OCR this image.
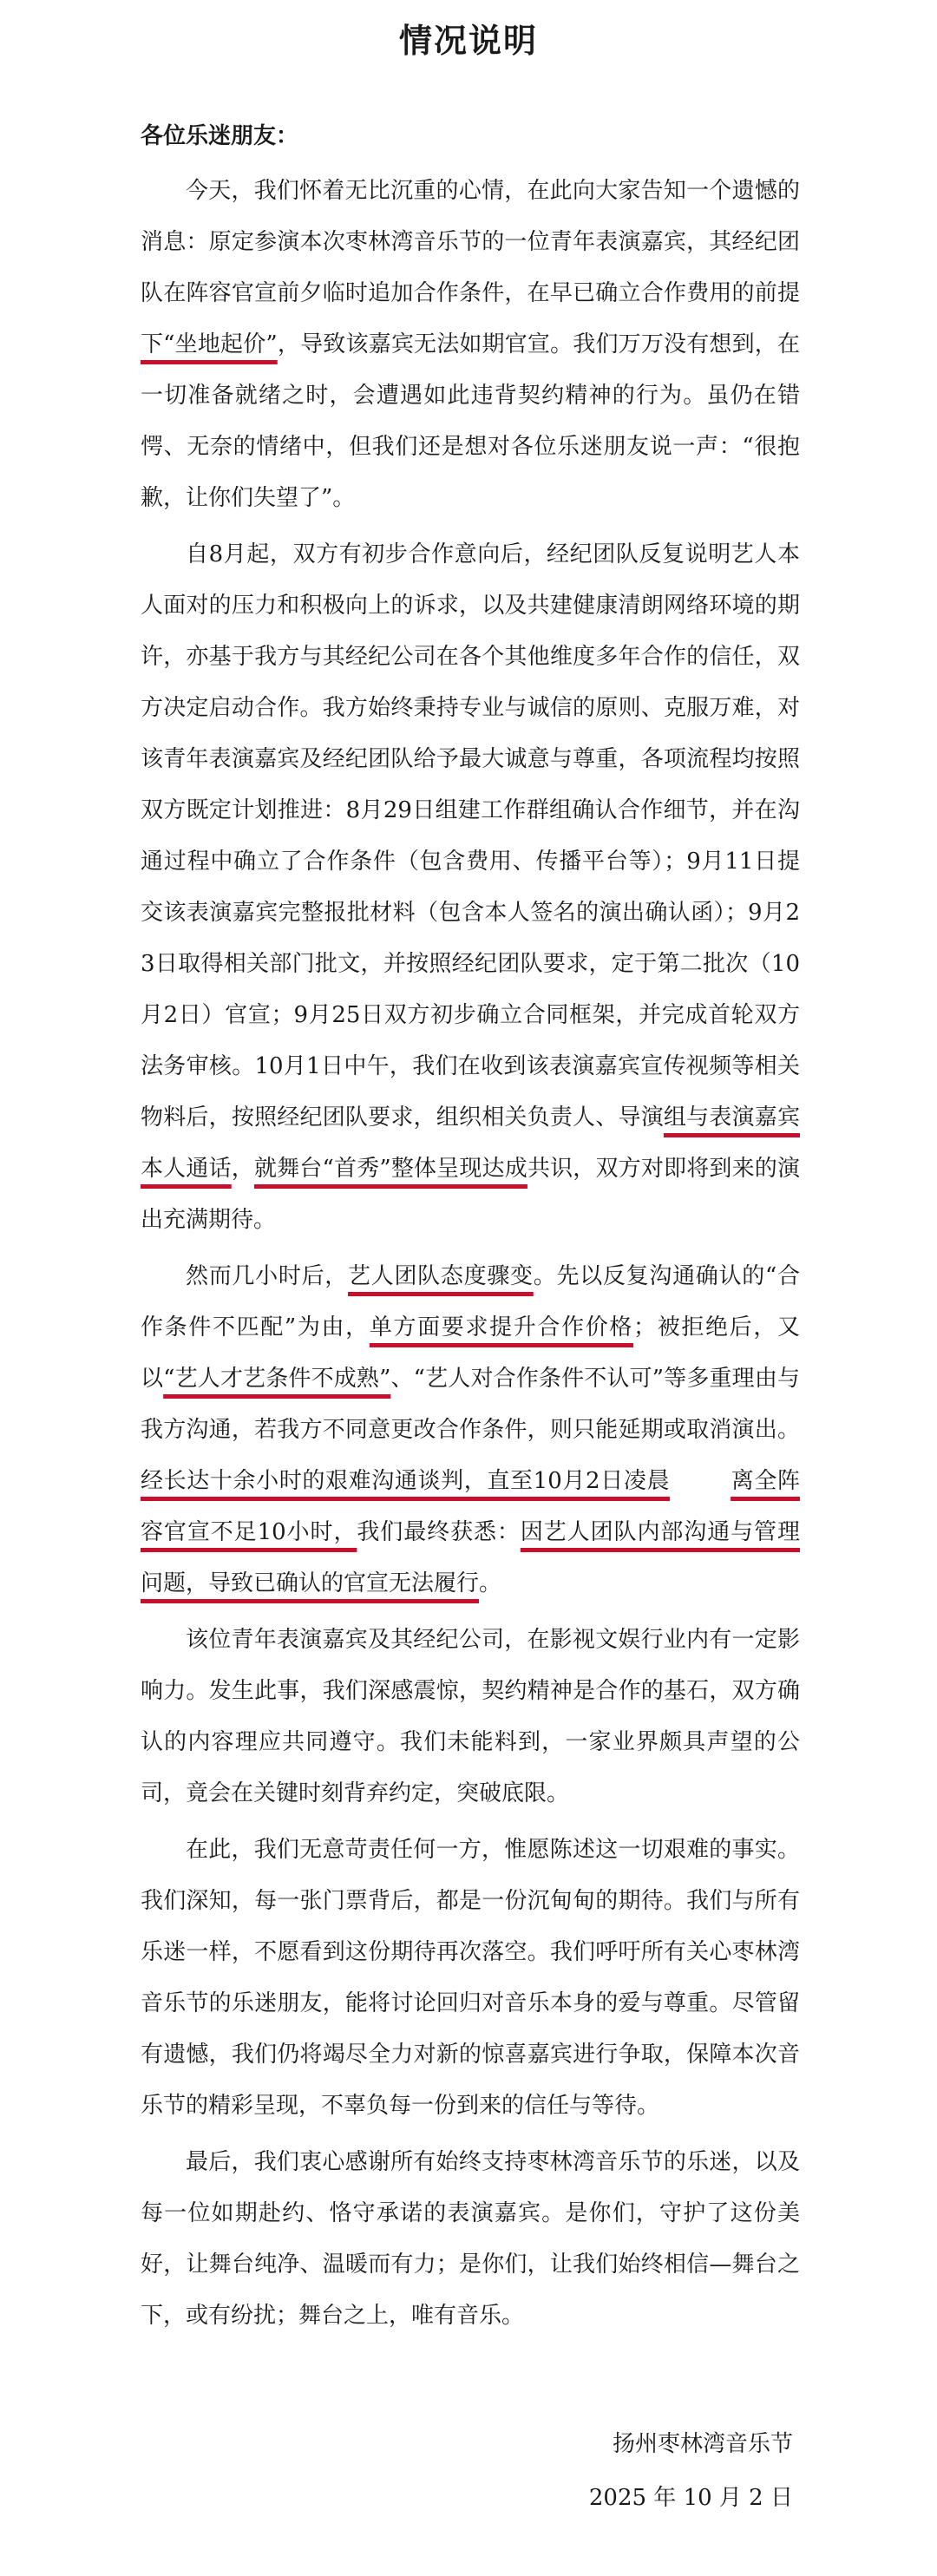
情况说明
各位乐迷朋友：

今天，我们怀着无比沉重的心情，在此向大家告知一个遗憾的消息：原定参演本次枣林湾音乐节的一位青年表演嘉宾，其经纪团队在阵容官宣前夕临时追加合作条件，在早已确立合作费用的前提下“坐地起价”，导致该嘉宾无法如期官宣。我们万万没有想到，在一切准备就绪之时，会遭遇如此违背契约精神的行为。虽仍在错愕、无奈的情绪中，但我们还是想对各位乐迷朋友说一声：“很抱歉，让你们失望了”。

自8月起，双方有初步合作意向后，经纪团队反复说明艺人本人面对的压力和积极向上的诉求，以及共建健康清朗网络环境的期许，亦基于我方与其经纪公司在各个其他维度多年合作的信任，双方决定启动合作。我方始终秉持专业与诚信的原则、克服万难，对该青年表演嘉宾及经纪团队给予最大诚意与尊重，各项流程均按照双方既定计划推进：8月29日组建工作群组确认合作细节，并在沟通过程中确立了合作条件（包含费用、传播平台等）；9月11日提交该表演嘉宾完整报批材料（包含本人签名的演出确认函）；9月23日取得相关部门批文，并按照经纪团队要求，定于第二批次（10月2日）官宣；9月25日双方初步确立合同框架，并完成首轮双方法务审核。10月1日中午，我们在收到该表演嘉宾宣传视频等相关物料后，按照经纪团队要求，组织相关负责人、导演组与表演嘉宾本人通话，就舞台“首秀”整体呈现达成共识，双方对即将到来的演出充满期待。

然而几小时后，艺人团队态度骤变。先以反复沟通确认的“合作条件不匹配”为由，单方面要求提升合作价格；被拒绝后，又以“艺人才艺条件不成熟”、“艺人对合作条件不认可”等多重理由与我方沟通，若我方不同意更改合作条件，则只能延期或取消演出。经长达十余小时的艰难沟通谈判，直至10月2日凌晨	离全阵容官宣不足10小时，我们最终获悉：因艺人团队内部沟通与管理问题，导致已确认的官宣无法履行。

该位青年表演嘉宾及其经纪公司，在影视文娱行业内有一定影响力。发生此事，我们深感震惊，契约精神是合作的基石，双方确认的内容理应共同遵守。我们未能料到，一家业界颇具声望的公司，竟会在关键时刻背弃约定，突破底限。

在此，我们无意苛责任何一方，惟愿陈述这一切艰难的事实。我们深知，每一张门票背后，都是一份沉甸甸的期待。我们与所有乐迷一样，不愿看到这份期待再次落空。我们呼吁所有关心枣林湾音乐节的乐迷朋友，能将讨论回归对音乐本身的爱与尊重。尽管留有遗憾，我们仍将竭尽全力对新的惊喜嘉宾进行争取，保障本次音乐节的精彩呈现，不辜负每一份到来的信任与等待。

最后，我们衷心感谢所有始终支持枣林湾音乐节的乐迷，以及每一位如期赴约、恪守承诺的表演嘉宾。是你们，守护了这份美好，让舞台纯净、温暖而有力；是你们，让我们始终相信—舞台之下，或有纷扰；舞台之上，唯有音乐。

扬州枣林湾音乐节
2025 年 10 月 2 日
